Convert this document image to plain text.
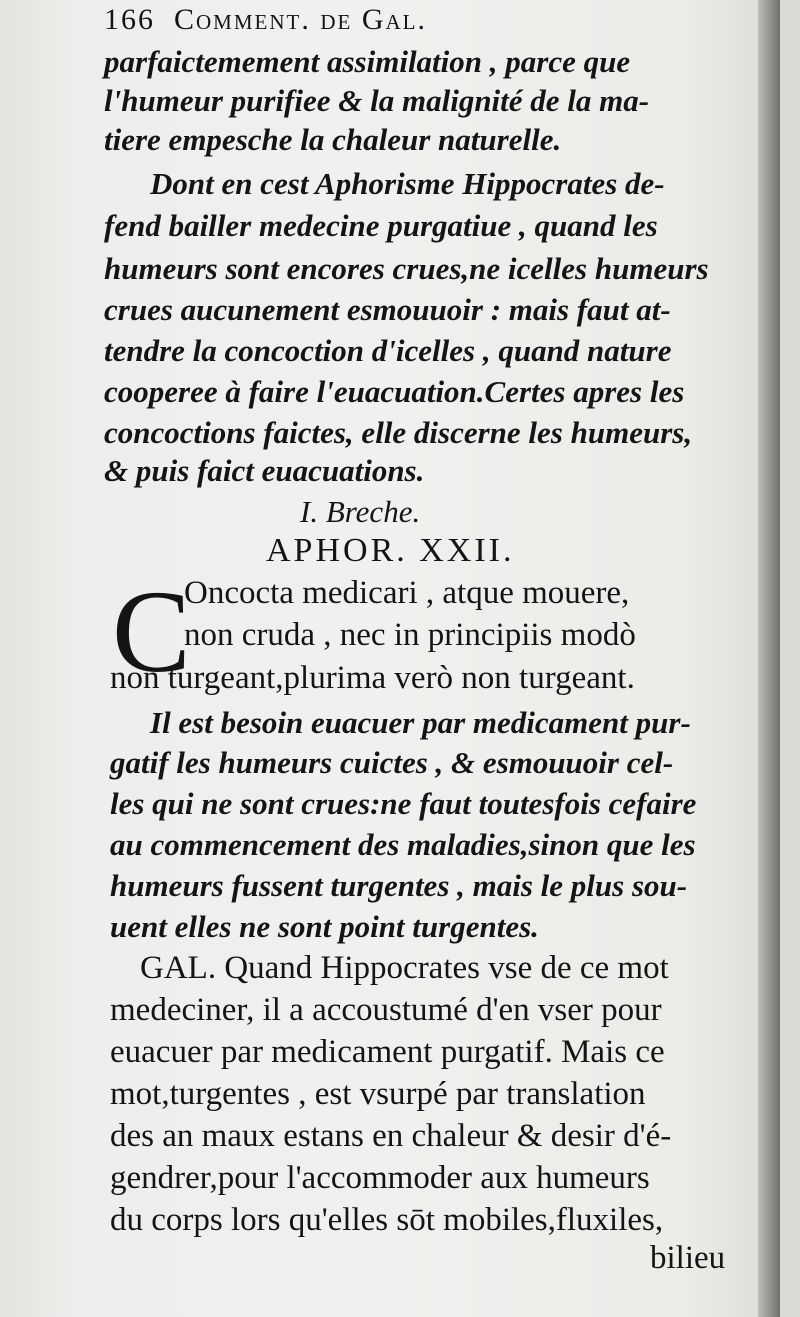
166 Comment. de Gal.
parfaictemement assimilation , parce que
l'humeur purifiee & la malignité de la ma-
tiere empesche la chaleur naturelle.
Dont en cest Aphorisme Hippocrates de-
fend bailler medecine purgatiue , quand les
humeurs sont encores crues,ne icelles humeurs
crues aucunement esmouuoir : mais faut at-
tendre la concoction d'icelles , quand nature
cooperee à faire l'euacuation.Certes apres les
concoctions faictes, elle discerne les humeurs,
& puis faict euacuations.
I. Breche.
APHOR. XXII.
C
Oncocta medicari , atque mouere,
non cruda , nec in principiis modò
non turgeant,plurima verò non turgeant.
Il est besoin euacuer par medicament pur-
gatif les humeurs cuictes , & esmouuoir cel-
les qui ne sont crues:ne faut toutesfois cefaire
au commencement des maladies,sinon que les
humeurs fussent turgentes , mais le plus sou-
uent elles ne sont point turgentes.
GAL. Quand Hippocrates vse de ce mot
medeciner, il a accoustumé d'en vser pour
euacuer par medicament purgatif. Mais ce
mot,turgentes , est vsurpé par translation
des an maux estans en chaleur & desir d'é-
gendrer,pour l'accommoder aux humeurs
du corps lors qu'elles sōt mobiles,fluxiles,
bilieu
